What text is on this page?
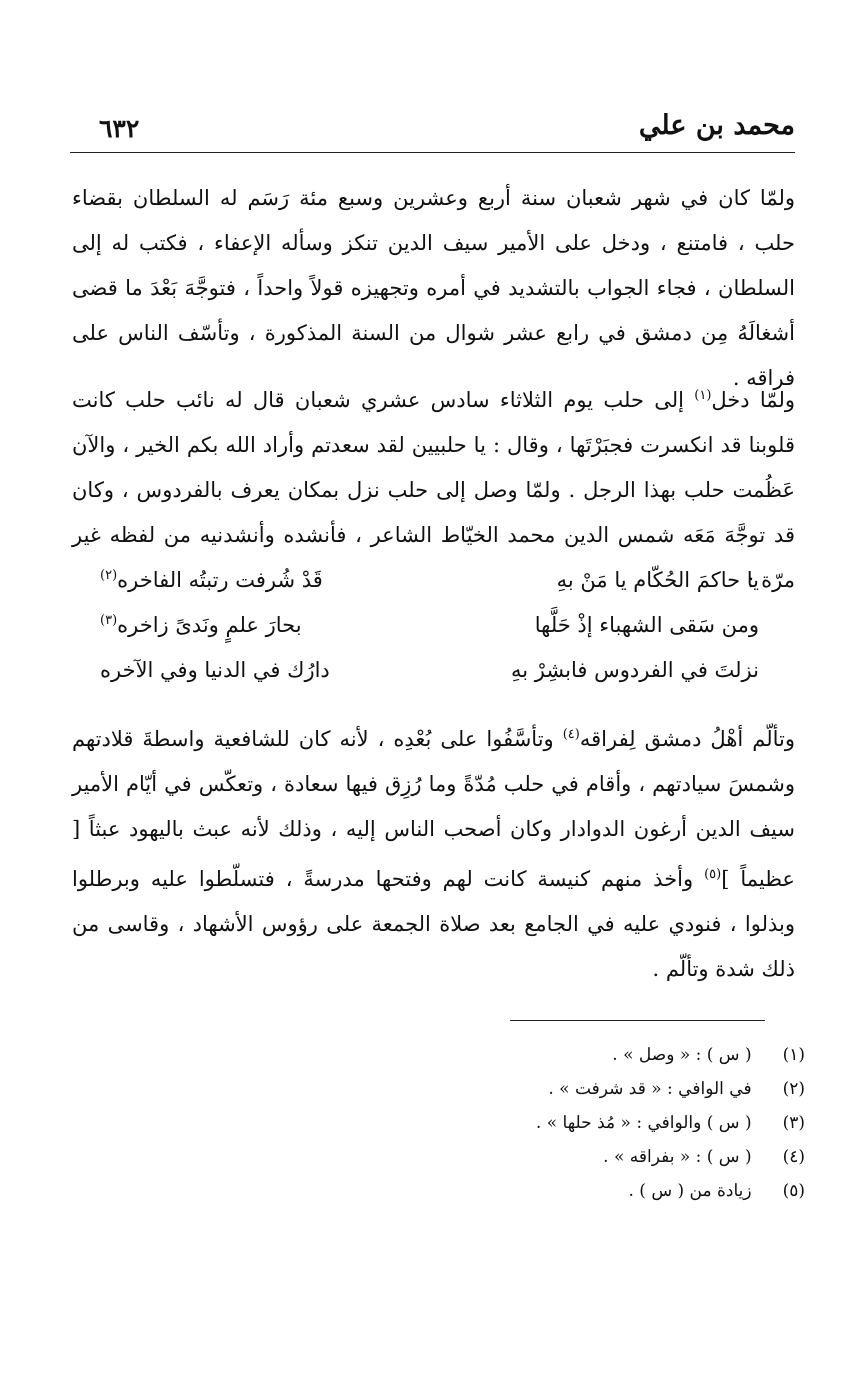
محمد بن علي
٦٣٢

ولمّا كان في شهر شعبان سنة أربع وعشرين وسبع مئة رَسَم له السلطان بقضاء حلب ، فامتنع ، ودخل على الأمير سيف الدين تنكز وسأله الإعفاء ، فكتب له إلى السلطان ، فجاء الجواب بالتشديد في أمره وتجهيزه قولاً واحداً ، فتوجَّهَ بَعْدَ ما قضى أشغالَهُ مِن دمشق في رابع عشر شوال من السنة المذكورة ، وتأسّف الناس على فراقه .

ولمّا دخل$^{(١)}$ إلى حلب يوم الثلاثاء سادس عشري شعبان قال له نائب حلب كانت قلوبنا قد انكسرت فجبَرْتَها ، وقال : يا حلبيين لقد سعدتم وأراد الله بكم الخير ، والآن عَظُمت حلب بهذا الرجل . ولمّا وصل إلى حلب نزل بمكان يعرف بالفردوس ، وكان قد توجَّهَ مَعَه شمس الدين محمد الخيّاط الشاعر ، فأنشده وأنشدنيه من لفظه غير مرّة :

يا حاكمَ الحُكّام يا مَنْ بهِ
قَدْ شُرفت رتبتُه الفاخره$^{(٢)}$
ومن سَقى الشهباء إذْ حَلَّها
بحارَ علمٍ ونَدىً زاخره$^{(٣)}$
نزلتَ في الفردوس فابشِرْ بهِ
دارُك في الدنيا وفي الآخره

وتألّم أهْلُ دمشق لِفراقه$^{(٤)}$ وتأسَّفُوا على بُعْدِه ، لأنه كان للشافعية واسطةَ قلادتهم وشمسَ سيادتهم ، وأقام في حلب مُدّةً وما رُزِق فيها سعادة ، وتعكّس في أيّام الأمير سيف الدين أرغون الدوادار وكان أصحب الناس إليه ، وذلك لأنه عبث باليهود عبثاً [ عظيماً ]$^{(٥)}$ وأخذ منهم كنيسة كانت لهم وفتحها مدرسةً ، فتسلّطوا عليه وبرطلوا وبذلوا ، فنودي عليه في الجامع بعد صلاة الجمعة على رؤوس الأشهاد ، وقاسى من ذلك شدة وتألّم .

(١) ( س ) : « وصل » .
(٢) في الوافي : « قد شرفت » .
(٣) ( س ) والوافي : « مُذ حلها » .
(٤) ( س ) : « بفراقه » .
(٥) زيادة من ( س ) .
